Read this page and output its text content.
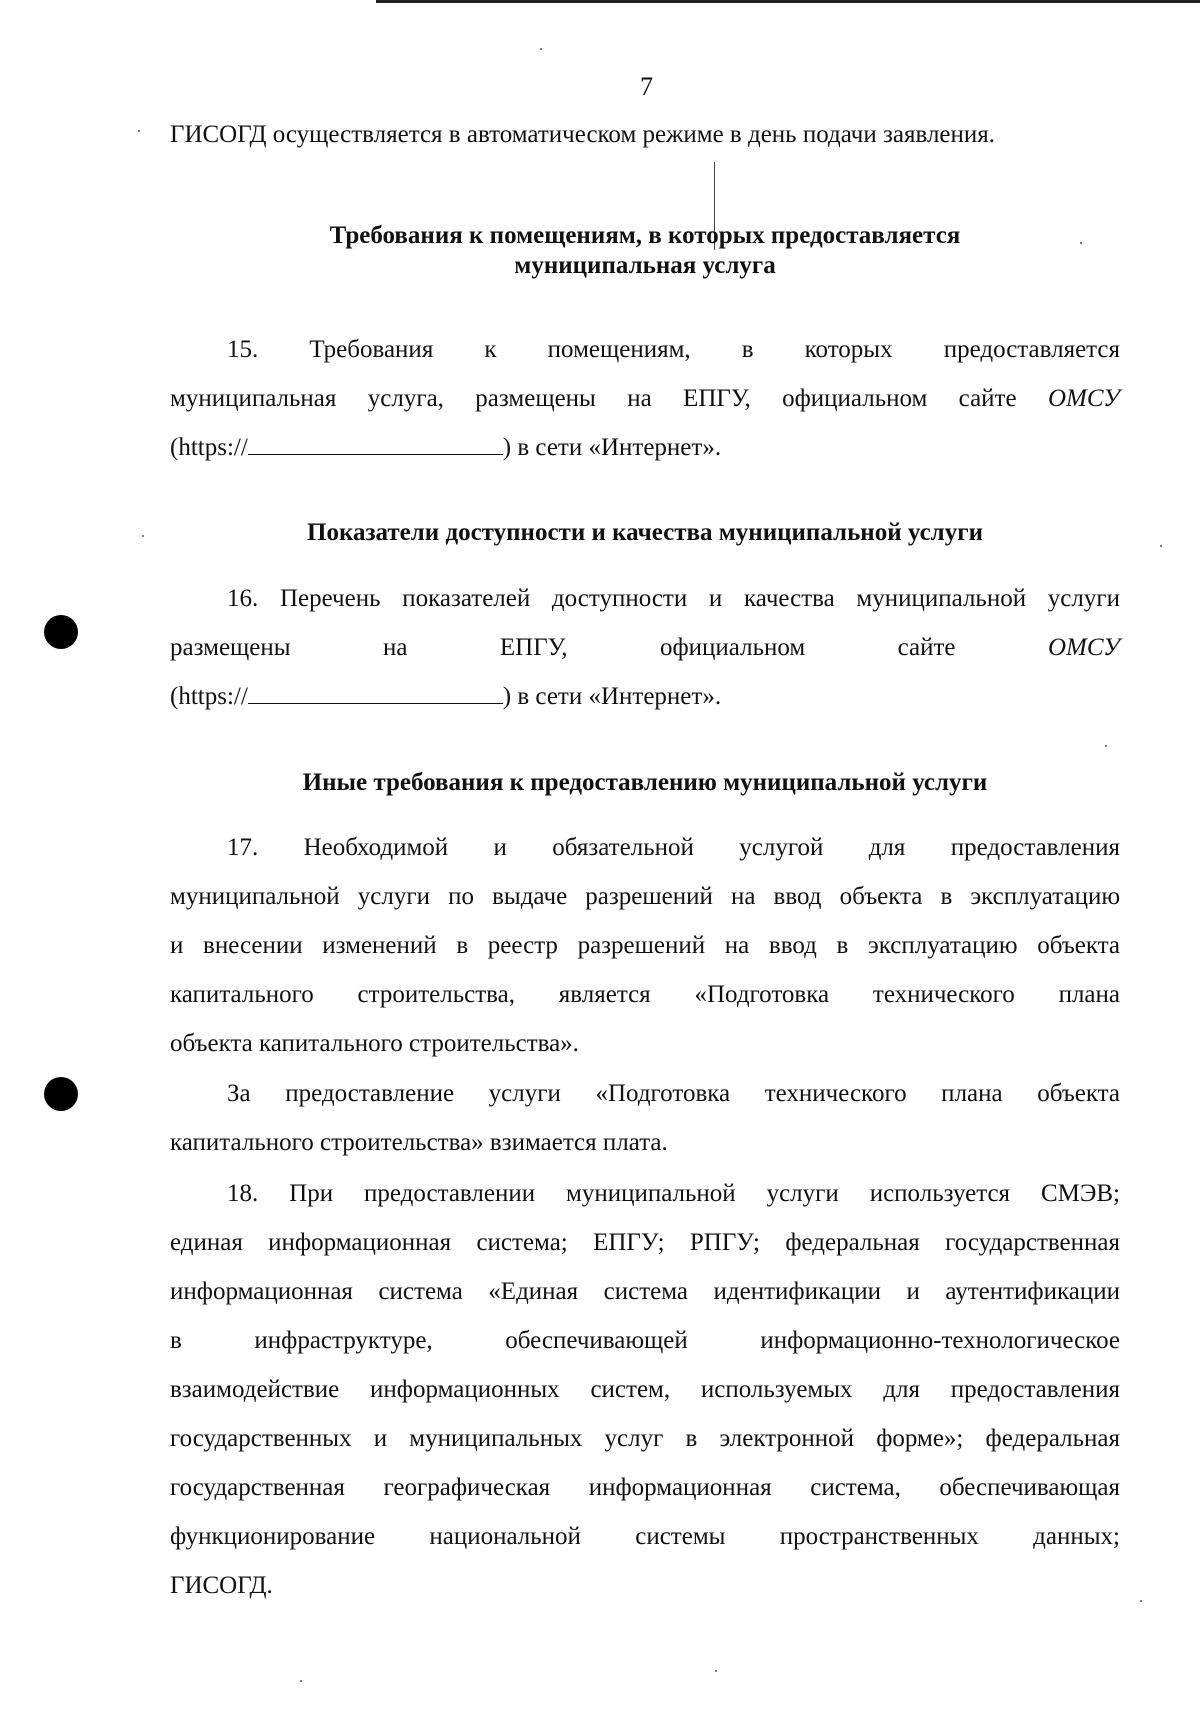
7
ГИСОГД осуществляется в автоматическом режиме в день подачи заявления.
Требования к помещениям, в которых предоставляется
муниципальная услуга
15. Требования к помещениям, в которых предоставляется
муниципальная услуга, размещены на ЕПГУ, официальном сайте ОМСУ
(https://	) в сети «Интернет».
Показатели доступности и качества муниципальной услуги
16. Перечень показателей доступности и качества муниципальной услуги
размещены на ЕПГУ, официальном сайте ОМСУ
(https://	) в сети «Интернет».
Иные требования к предоставлению муниципальной услуги
17. Необходимой и обязательной услугой для предоставления
муниципальной услуги по выдаче разрешений на ввод объекта в эксплуатацию
и внесении изменений в реестр разрешений на ввод в эксплуатацию объекта
капитального строительства, является «Подготовка технического плана
объекта капитального строительства».
За предоставление услуги «Подготовка технического плана объекта
капитального строительства» взимается плата.
18. При предоставлении муниципальной услуги используется СМЭВ;
единая информационная система; ЕПГУ; РПГУ; федеральная государственная
информационная система «Единая система идентификации и аутентификации
в инфраструктуре, обеспечивающей информационно-технологическое
взаимодействие информационных систем, используемых для предоставления
государственных и муниципальных услуг в электронной форме»; федеральная
государственная географическая информационная система, обеспечивающая
функционирование национальной системы пространственных данных;
ГИСОГД.
